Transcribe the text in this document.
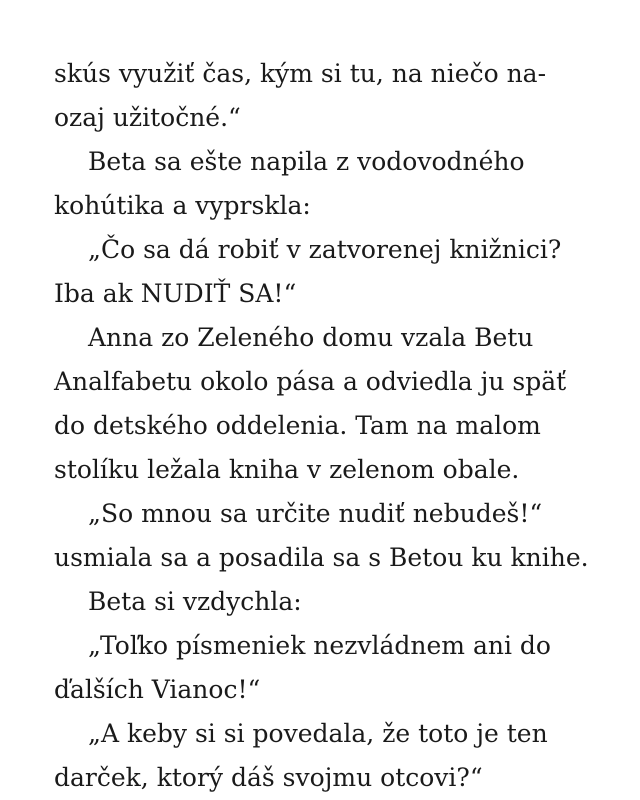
skús využiť čas, kým si tu, na niečo na-
ozaj užitočné.“
Beta sa ešte napila z vodovodného
kohútika a vyprskla:
„Čo sa dá robiť v zatvorenej knižnici?
Iba ak NUDIŤ SA!“
Anna zo Zeleného domu vzala Betu
Analfabetu okolo pása a odviedla ju späť
do detského oddelenia. Tam na malom
stolíku ležala kniha v zelenom obale.
„So mnou sa určite nudiť nebudeš!“
usmiala sa a posadila sa s Betou ku knihe.
Beta si vzdychla:
„Toľko písmeniek nezvládnem ani do
ďalších Vianoc!“
„A keby si si povedala, že toto je ten
darček, ktorý dáš svojmu otcovi?“
